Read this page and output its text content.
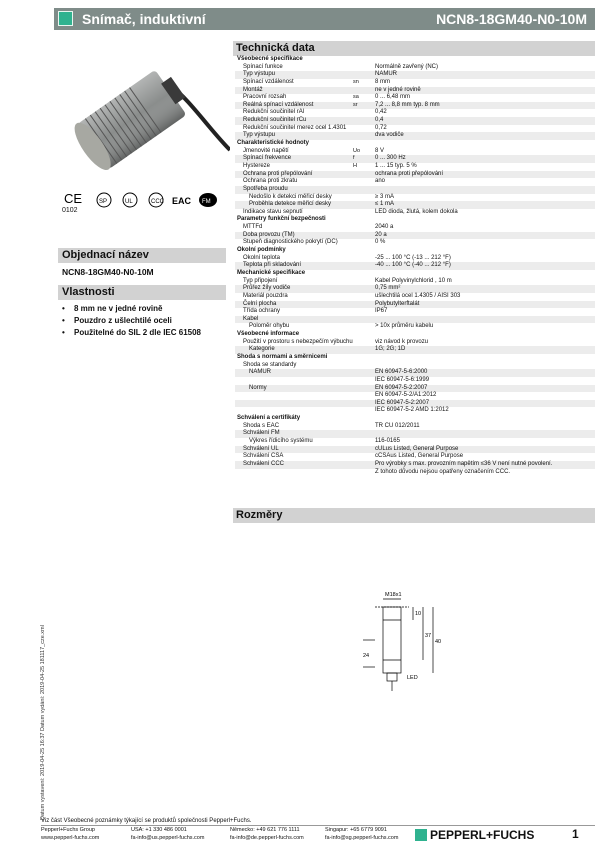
Snímač, induktivní	NCN8-18GM40-N0-10M
CE	SP	UL	CCC EAC FM
0102
Objednací název
NCN8-18GM40-N0-10M
Vlastnosti
• 8 mm ne v jedné rovině
• Pouzdro z ušlechtilé oceli
• Použitelné do SIL 2 dle IEC 61508
Technická data
Všeobecné specifikace
Spínací funkce	Normálně zavřený (NC)
Typ výstupu	NAMUR
Spínací vzdálenost	sn	8 mm
Montáž	ne v jedné rovině
Pracovní rozsah	sa	0 ... 6,48 mm
Reálná spínací vzdálenost	sr	7,2 ... 8,8 mm typ. 8 mm
Redukční součinitel rAl	0,42
Redukční součinitel rCu	0,4
Redukční součinitel rnerez ocel 1.4301	0,72
Typ výstupu	dva vodiče
Charakteristické hodnoty
Jmenovité napětí	Uo 8 V
Spínací frekvence	f	0 ... 300 Hz
Hystereze	H	1 ... 15 typ. 5 %
Ochrana proti přepólování	ochrana proti přepólování
Ochrana proti zkratu	ano
Spotřeba proudu
Nedošlo k detekci měřicí desky	≥ 3 mA
Proběhla detekce měřicí desky	≤ 1 mA
Indikace stavu sepnutí	LED dioda, žlutá, kolem dokola
Parametry funkční bezpečnosti
MTTFd	2040 a
Doba provozu (TM)	20 a
Stupeň diagnostického pokrytí (DC)	0 %
Okolní podmínky
Okolní teplota	-25 ... 100 °C (-13 ... 212 °F)
Teplota při skladování	-40 ... 100 °C (-40 ... 212 °F)
Mechanické specifikace
Typ připojení	Kabel Polyvinylchlorid , 10 m
Průřez žíly vodiče	0,75 mm²
Materiál pouzdra	ušlechtilá ocel 1.4305 / AISI 303
Čelní plocha	Polybutylterftalát
Třída ochrany	IP67
Kabel
Poloměr ohybu	> 10x průměru kabelu
Všeobecné informace
Použití v prostoru s nebezpečím výbuchu	viz návod k provozu
Kategorie	1G; 2G; 1D
Shoda s normami a směrnicemi
Shoda se standardy
NAMUR	EN 60947-5-6:2000
IEC 60947-5-6:1999
Normy	EN 60947-5-2:2007
EN 60947-5-2/A1:2012
IEC 60947-5-2:2007
IEC 60947-5-2 AMD 1:2012
Schválení a certifikáty
Shoda s EAC	TR CU 012/2011
Schválení FM
Výkres řídicího systému	116-0165
Schválení UL	cULus Listed, General Purpose
Schválení CSA	cCSAus Listed, General Purpose
Schválení CCC	Pro výrobky s max. provozním napětím ≤36 V není nutné povolení.
Z tohoto důvodu nejsou opatřeny označením CCC.
Rozměry
M18x1
10
37
40
24
LED
Datum vystavení: 2019-04-25 16:37 Datum vydání: 2019-04-25 181117_cze.xml
Viz část Všeobecné poznámky týkající se produktů společnosti Pepperl+Fuchs.
Pepperl+Fuchs Group
www.pepperl-fuchs.com
USA: +1 330 486 0001
fa-info@us.pepperl-fuchs.com
Německo: +49 621 776 1111
fa-info@de.pepperl-fuchs.com
Singapur: +65 6779 9091
fa-info@sg.pepperl-fuchs.com	PEPPERL+FUCHS	1
